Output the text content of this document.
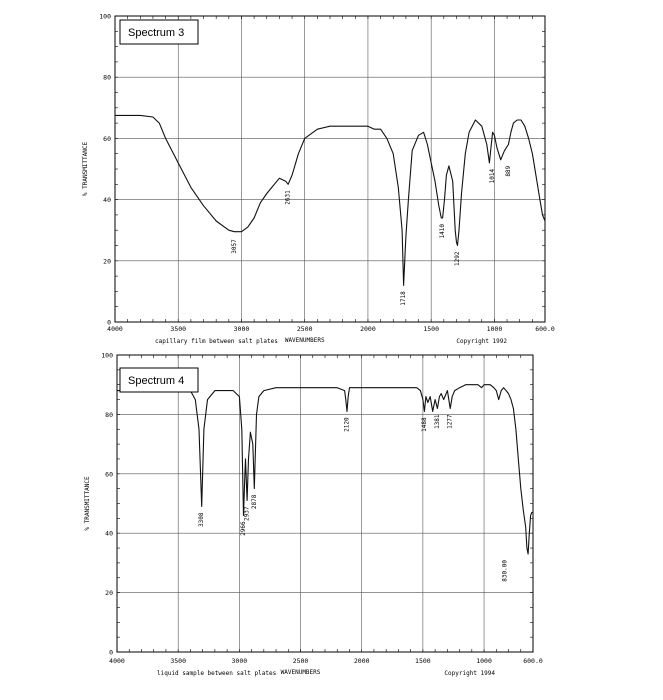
4000	3500	3000	2500	2000	1500	1000	600.0
0
20
40
60
80
100
% TRANSMITTANCE
capillary film between salt plates WAVENUMBERS	Copyright 1992
3057
2631
1718
1410
1292
1014 889
Spectrum 3
4000	3500	3000	2500	2000	1500	1000	600.0
0
20
40
60
80
100
% TRANSMITTANCE
liquid sample between salt plates WAVENUMBERS	Copyright 1994
3308
2966
2937
2878
2120	1488 1381 1277
830.00
Spectrum 4
